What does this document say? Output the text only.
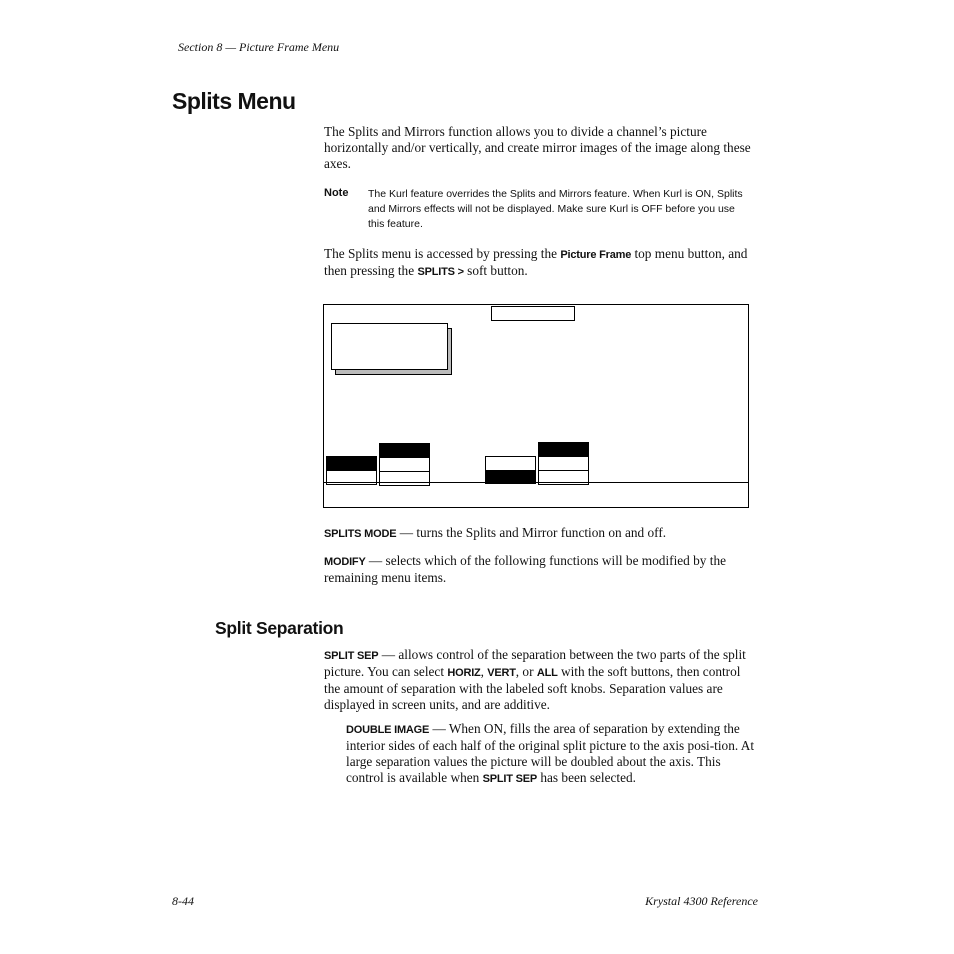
Section 8 — Picture Frame Menu
Splits Menu
The Splits and Mirrors function allows you to divide a channel’s picture horizontally and/or vertically, and create mirror images of the image along these axes.
Note The Kurl feature overrides the Splits and Mirrors feature. When Kurl is ON, Splits and Mirrors effects will not be displayed. Make sure Kurl is OFF before you use this feature.
The Splits menu is accessed by pressing the Picture Frame top menu button, and then pressing the SPLITS > soft button.
SPLITS MODE — turns the Splits and Mirror function on and off.
MODIFY — selects which of the following functions will be modified by the remaining menu items.
Split Separation
SPLIT SEP — allows control of the separation between the two parts of the split picture. You can select HORIZ, VERT, or ALL with the soft buttons, then control the amount of separation with the labeled soft knobs. Separation values are displayed in screen units, and are additive.
DOUBLE IMAGE — When ON, fills the area of separation by extending the interior sides of each half of the original split picture to the axis posi-tion. At large separation values the picture will be doubled about the axis. This control is available when SPLIT SEP has been selected.
8-44	Krystal 4300 Reference
